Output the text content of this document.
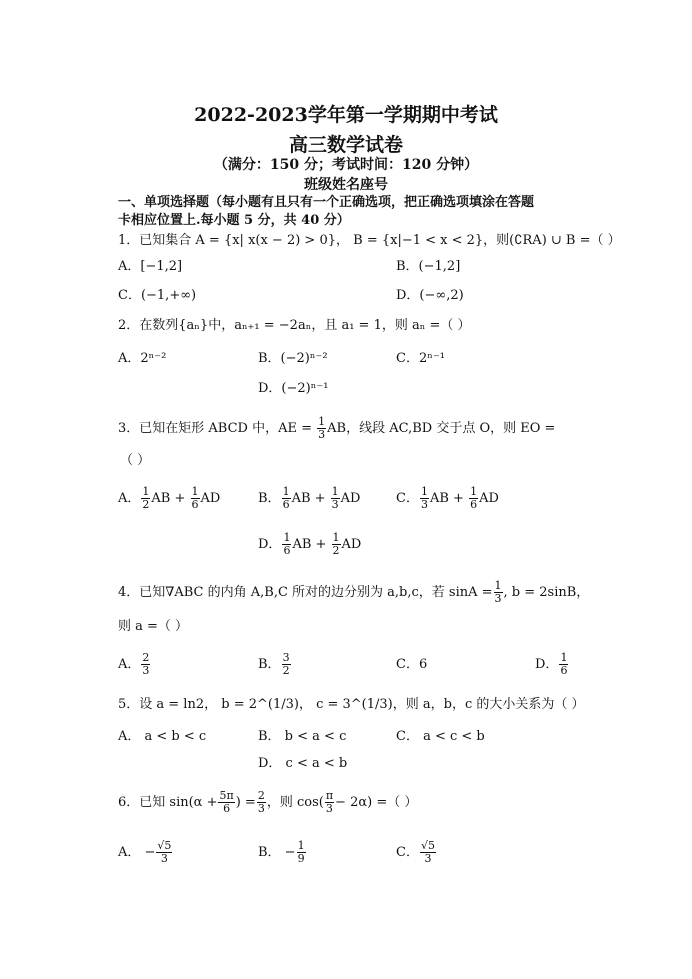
2022-2023学年第一学期期中考试
高三数学试卷
（满分：150 分；考试时间：120 分钟）
班级姓名座号
一、单项选择题（每小题有且只有一个正确选项，把正确选项填涂在答题
卡相应位置上.每小题 5 分，共 40 分）
1．已知集合 A = {x| x(x − 2) > 0}， B = {x|−1 < x < 2}，则(∁RA) ∪ B =（ ）
A．[−1,2]	B．(−1,2]
C．(−1,+∞)	D．(−∞,2)
2．在数列{aₙ}中，aₙ₊₁ = −2aₙ，且 a₁ = 1，则 aₙ =（ ）
A．2ⁿ⁻²	B．(−2)ⁿ⁻²	C．2ⁿ⁻¹
D．(−2)ⁿ⁻¹
3．已知在矩形 ABCD 中，AE = $\frac{1}{3}$ AB，线段 AC,BD 交于点 O，则 EO =
（ ）
A． $\frac{1}{2}$ AB + $\frac{1}{6}$ AD	B． $\frac{1}{6}$ AB + $\frac{1}{3}$ AD	C． $\frac{1}{3}$ AB + $\frac{1}{6}$ AD
D． $\frac{1}{6}$ AB + $\frac{1}{2}$ AD
4．已知∇ABC 的内角 A,B,C 所对的边分别为 a,b,c，若 $\sin A = \frac{1}{3}$ , b = 2sinB，
则 a =（ ）
A． $\frac{2}{3}$	B． $\frac{3}{2}$	C．6	D． $\frac{1}{6}$
5．设 a = ln2， b = 2^(1/3)， c = 3^(1/3)，则 a，b，c 的大小关系为（ ）
A． a < b < c	B． b < a < c	C． a < c < b
D． c < a < b
6．已知 $\sin(\alpha + \frac{5\pi}{6}$ ) = $\frac{2}{3}$ ，则 $\cos( \frac{\pi}{3} - 2\alpha)$ =（ ）
A． − $\frac{√5}{3}$	B． − $\frac{1}{9}$	C． $\frac{√5}{3}$
